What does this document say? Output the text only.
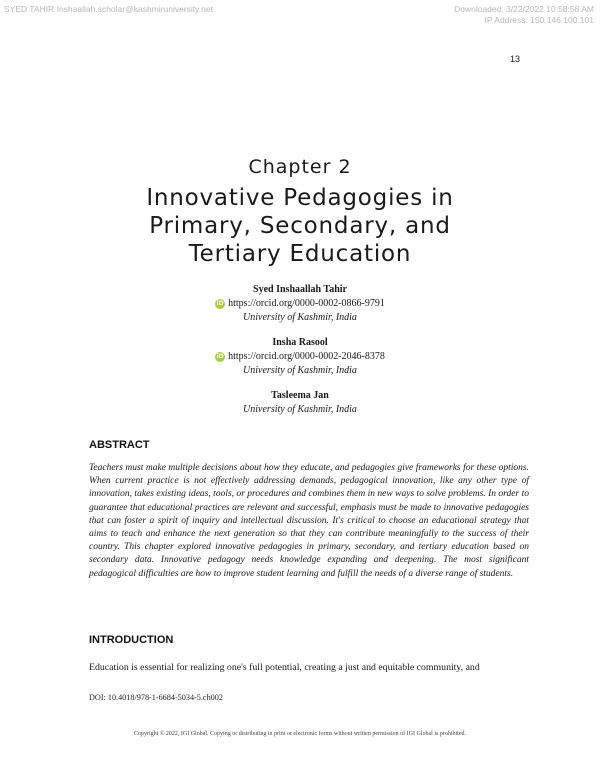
SYED TAHIR Inshaallah.scholar@kashmiruniversity.net	Downloaded: 3/22/2022 10:58:58 AM
IP Address: 150.146.100.101
13
Chapter 2
Innovative Pedagogies in
Primary, Secondary, and
Tertiary Education
Syed Inshaallah Tahir
iD https://orcid.org/0000-0002-0866-9791
University of Kashmir, India
Insha Rasool
iD https://orcid.org/0000-0002-2046-8378
University of Kashmir, India
Tasleema Jan
University of Kashmir, India
ABSTRACT
Teachers must make multiple decisions about how they educate, and pedagogies give frameworks for these options. When current practice is not effectively addressing demands, pedagogical innovation, like any other type of innovation, takes existing ideas, tools, or procedures and combines them in new ways to solve problems. In order to guarantee that educational practices are relevant and successful, emphasis must be made to innovative pedagogies that can foster a spirit of inquiry and intellectual discussion. It's critical to choose an educational strategy that aims to teach and enhance the next generation so that they can contribute meaningfully to the success of their country. This chapter explored innovative pedagogies in primary, secondary, and tertiary education based on secondary data. Innovative pedagogy needs knowledge expanding and deepening. The most significant pedagogical difficulties are how to improve student learning and fulfill the needs of a diverse range of students.
INTRODUCTION
Education is essential for realizing one's full potential, creating a just and equitable community, and
DOI: 10.4018/978-1-6684-5034-5.ch002
Copyright © 2022, IGI Global. Copying or distributing in print or electronic forms without written permission of IGI Global is prohibited.
